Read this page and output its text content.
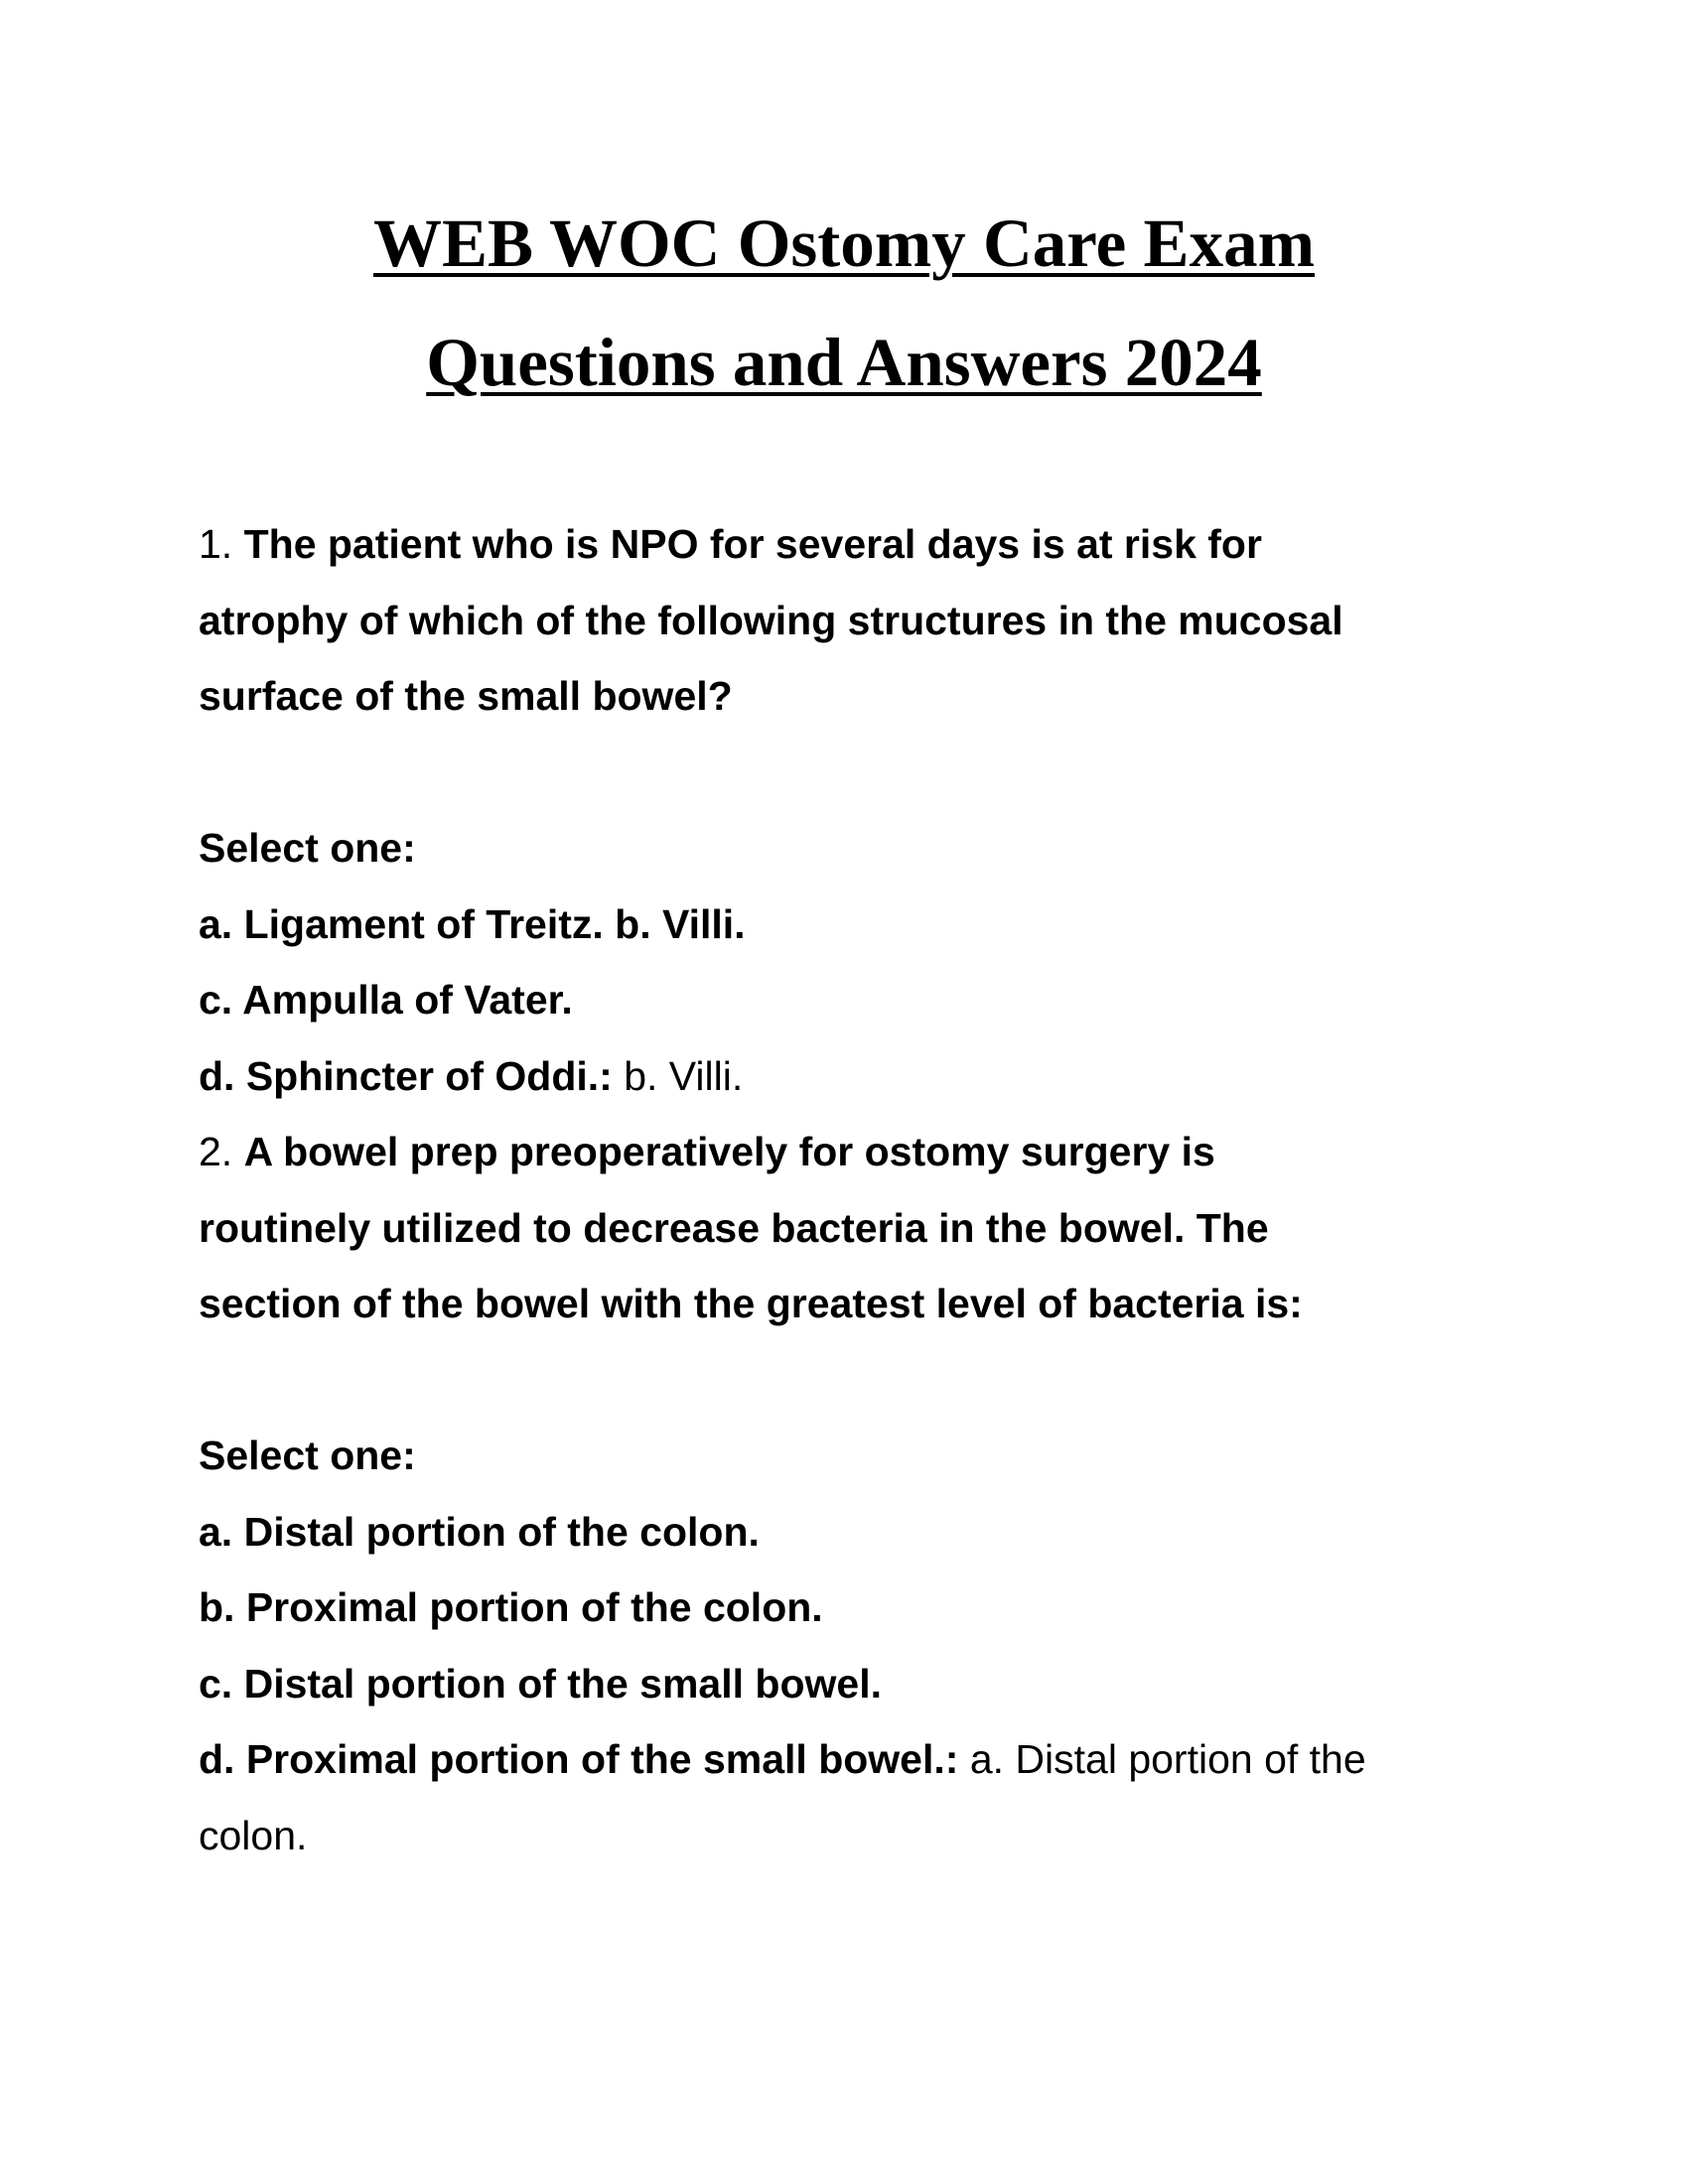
WEB WOC Ostomy Care Exam
Questions and Answers 2024
1. The patient who is NPO for several days is at risk for
atrophy of which of the following structures in the mucosal
surface of the small bowel?
Select one:
a. Ligament of Treitz. b. Villi.
c. Ampulla of Vater.
d. Sphincter of Oddi.: b. Villi.
2. A bowel prep preoperatively for ostomy surgery is
routinely utilized to decrease bacteria in the bowel. The
section of the bowel with the greatest level of bacteria is:
Select one:
a. Distal portion of the colon.
b. Proximal portion of the colon.
c. Distal portion of the small bowel.
d. Proximal portion of the small bowel.: a. Distal portion of the
colon.
